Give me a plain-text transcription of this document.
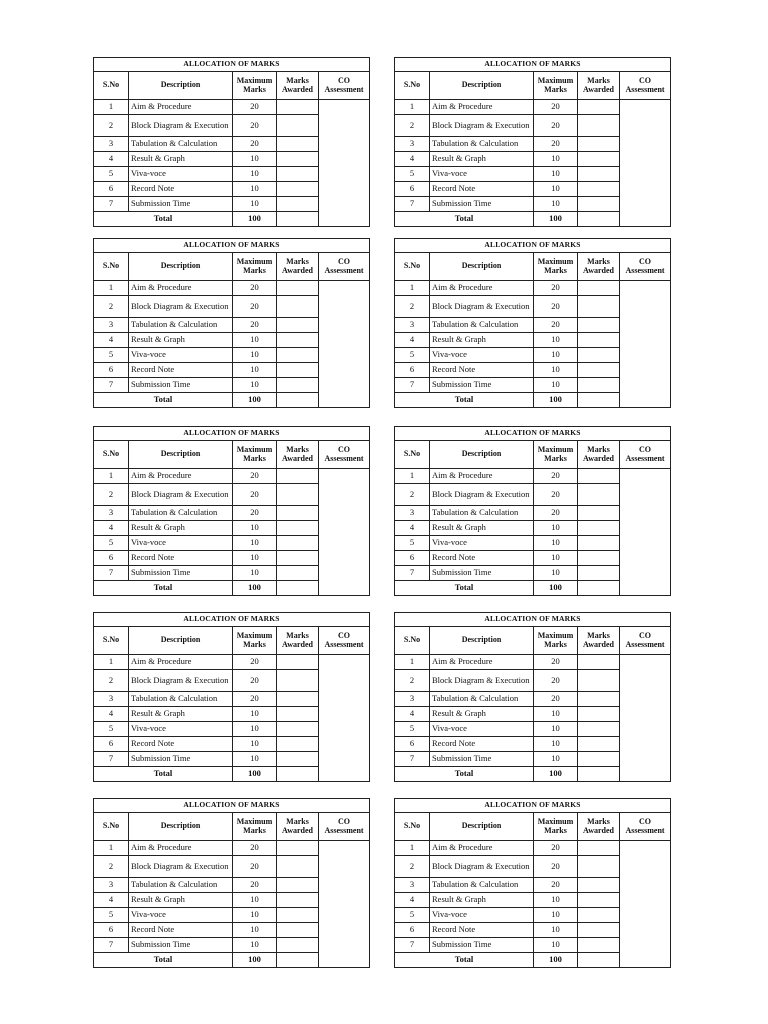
ALLOCATION OF MARKS				
S.No	Description	Maximum Marks	Marks Awarded	CO Assessment
1	Aim & Procedure	20		
2	Block Diagram & Execution	20		
3	Tabulation & Calculation	20		
4	Result & Graph	10		
5	Viva-voce	10		
6	Record Note	10		
7	Submission Time	10		
Total		100		
ALLOCATION OF MARKS				
S.No	Description	Maximum Marks	Marks Awarded	CO Assessment
1	Aim & Procedure	20		
2	Block Diagram & Execution	20		
3	Tabulation & Calculation	20		
4	Result & Graph	10		
5	Viva-voce	10		
6	Record Note	10		
7	Submission Time	10		
Total		100		
ALLOCATION OF MARKS				
S.No	Description	Maximum Marks	Marks Awarded	CO Assessment
1	Aim & Procedure	20		
2	Block Diagram & Execution	20		
3	Tabulation & Calculation	20		
4	Result & Graph	10		
5	Viva-voce	10		
6	Record Note	10		
7	Submission Time	10		
Total		100		
ALLOCATION OF MARKS				
S.No	Description	Maximum Marks	Marks Awarded	CO Assessment
1	Aim & Procedure	20		
2	Block Diagram & Execution	20		
3	Tabulation & Calculation	20		
4	Result & Graph	10		
5	Viva-voce	10		
6	Record Note	10		
7	Submission Time	10		
Total		100		
ALLOCATION OF MARKS				
S.No	Description	Maximum Marks	Marks Awarded	CO Assessment
1	Aim & Procedure	20		
2	Block Diagram & Execution	20		
3	Tabulation & Calculation	20		
4	Result & Graph	10		
5	Viva-voce	10		
6	Record Note	10		
7	Submission Time	10		
Total		100		
ALLOCATION OF MARKS				
S.No	Description	Maximum Marks	Marks Awarded	CO Assessment
1	Aim & Procedure	20		
2	Block Diagram & Execution	20		
3	Tabulation & Calculation	20		
4	Result & Graph	10		
5	Viva-voce	10		
6	Record Note	10		
7	Submission Time	10		
Total		100		
ALLOCATION OF MARKS				
S.No	Description	Maximum Marks	Marks Awarded	CO Assessment
1	Aim & Procedure	20		
2	Block Diagram & Execution	20		
3	Tabulation & Calculation	20		
4	Result & Graph	10		
5	Viva-voce	10		
6	Record Note	10		
7	Submission Time	10		
Total		100		
ALLOCATION OF MARKS				
S.No	Description	Maximum Marks	Marks Awarded	CO Assessment
1	Aim & Procedure	20		
2	Block Diagram & Execution	20		
3	Tabulation & Calculation	20		
4	Result & Graph	10		
5	Viva-voce	10		
6	Record Note	10		
7	Submission Time	10		
Total		100		
ALLOCATION OF MARKS				
S.No	Description	Maximum Marks	Marks Awarded	CO Assessment
1	Aim & Procedure	20		
2	Block Diagram & Execution	20		
3	Tabulation & Calculation	20		
4	Result & Graph	10		
5	Viva-voce	10		
6	Record Note	10		
7	Submission Time	10		
Total		100		
ALLOCATION OF MARKS				
S.No	Description	Maximum Marks	Marks Awarded	CO Assessment
1	Aim & Procedure	20		
2	Block Diagram & Execution	20		
3	Tabulation & Calculation	20		
4	Result & Graph	10		
5	Viva-voce	10		
6	Record Note	10		
7	Submission Time	10		
Total		100		
